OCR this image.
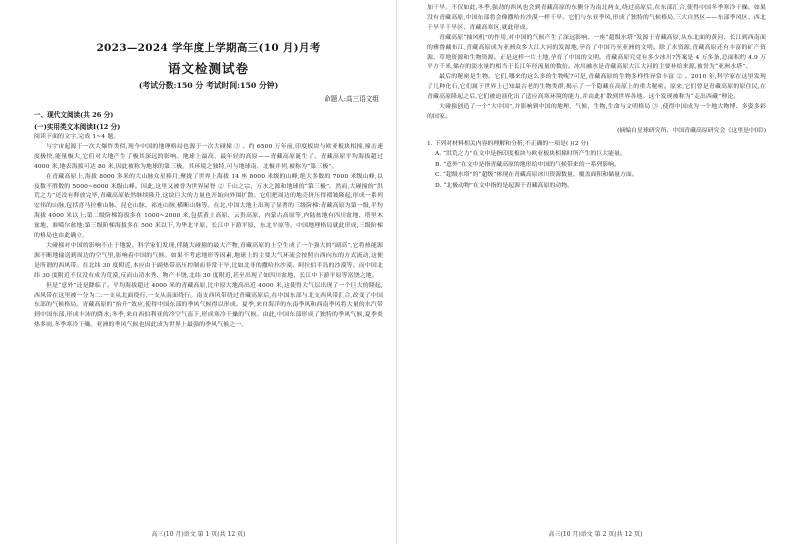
2023—2024 学年度上学期高三(10 月)月考
语文检测试卷
(考试分数:150 分 考试时间:150 分钟)
命题人:高三语文组
一、现代文阅读(共 26 分)
(一)实用类文本阅读Ⅰ(12 分)

阅读下面的文字,完成 1~4 题。

与宇宙起源于一次大爆炸类似,现今中国的地理格局也源于一次大碰撞 ① 。约 6500 万年前,印度板块与欧亚板块相撞,撞击速度极快,能量极大,它们对大地产生了极其深远的影响。地球上最高、最年轻的高原——青藏高原诞生了。青藏高原平均海拔超过 4000 米,地表海拔可达 80 米,因此被称为地球的第三极。其环境之独特,可与地球南、北极并列,被称为“第三极”。

在青藏高原上,海拔 8000 多米的大山脉众星捧月,聚拢了世界上海拔 14 座 8000 米级的山峰,绝大多数的 7000 米级山峰,以及数不胜数的 5000~6000 米级山峰。因此,这里又被誉为世界屋脊 ② 千山之宗、万水之源和地球的“第三极”。然而,大碰撞的“洪荒之力”还没有释放完毕,青藏高原依然继续隆升,这块巨大的力量也开始向外围扩散。它们把周边的地壳挤压得褶皱隆起,形成一系列宏伟的山脉,包括喜马拉雅山脉、昆仑山脉、祁连山脉,横断山脉等。在北,中国大地上出现了显著的三级阶梯:青藏高原为第一级,平均海拔 4000 米以上;第二级阶梯海拔多在 1000~2000 米,包括黄土高原、云贵高原、内蒙古高原等,内陆盆地有四川盆地、塔里木盆地、准噶尔盆地;第三级阶梯海拔多在 500 米以下,为华北平原、长江中下游平原、东北平原等。中国地理格局就此形成,三级阶梯的格局也由此确立。

大碰撞对中国的影响不止于地貌。科学家们发现,伴随大碰撞的最大产物,青藏高原的上空生成了一个强大的“副高”,它将热能源源不断地输送到周边的空气里,影响着中国的气候。如果不考虑地形等因素,地球上的主要大气环流会按照自西向东的方式流动,这便是所谓的西风带。在北纬 30 度附近,本应由于副热带高压控制而非常干旱,比如北非的撒哈拉沙漠、阿拉伯半岛的沙漠等。而中国北纬 30 度附近不仅没有成为荒漠,反而山清水秀、物产丰饶,北纬 30 度附近,甚至出现了如四川盆地、长江中下游平原等富饶之地。

但是“意外”还是降临了。平均海拔超过 4000 米的青藏高原,比中原大地高出近 4000 米,这使得大气层出现了一个巨大的隆起,西风带在这里被一分为二:一支从北面绕行,一支从南面绕行。南支西风带绕过青藏高原后,在中国东部与北支西风带汇合,改变了中国东部的气候格局。青藏高原的“抬升”效应,使得中国东部的季风气候得以形成。夏季,来自海洋的东南季风和西南季风将大量的水汽带到中国东部,形成丰沛的降水;冬季,来自西伯利亚的冷空气南下,形成寒冷干燥的气候。由此,中国东部形成了独特的季风气候,夏季炎热多雨,冬季寒冷干燥。亚洲的季风气候也因此成为世界上最强的季风气候之一。

高三(10 月)语文 第 1 页(共 12 页)

加干旱。不仅如此,冬季,强劲的西风也会到青藏高原的东侧分为南北两支,绕过高原后,在东部汇合,使得中国冬季寒冷干燥。如果没有青藏高原,中国东部将会像撒哈拉沙漠一样干旱。它们与东亚季风,形成了独特的气候格局,三大自然区——东部季风区、西北干旱半干旱区、青藏高寒区,就此形成。

青藏高原“抽风机”的作用,对中国的气候产生了深远影响。一座“超级水塔”发源于青藏高原,从东北面的黄河、长江到西南面的雅鲁藏布江,青藏高原成为亚洲众多大江大河的发源地,孕育了中国乃至亚洲的文明。除了水资源,青藏高原还有丰富的矿产资源、草地资源和生物资源。正是这样一片土地,孕育了中国的文明。青藏高原究竟有多少冰川?答案是 4 万多条,总面积约 4.9 万平方千米,储存的淡水量约相当于长江年径流量的数倍。冰川融水是青藏高原大江大河的主要补给来源,被誉为“亚洲水塔”。

最后的秘密是生物。它们,哪来的这么多的生物呢?可是,青藏高原的生物多样性异常丰富 ② 。2010 年,科学家在这里发现了几种化石,它们属于世界上已知最古老的生物类群,揭示了一个隐藏在高原上的重大秘密。原来,它们曾是青藏高原的原住民,在青藏高原隆起之后,它们被迫演化出了适应高寒环境的能力,并由此扩散到世界各地。这个发现被称为“走出西藏”理论。

大碰撞创造了一个“大中国”,并影响到中国的地理、气候、生物,生命与文明格局 ③ ,使得中国成为一个地大物博、多姿多彩的国家。

(摘编自星球研究所、中国青藏高原研究会《这里是中国》)

1. 下列对材料相关内容的理解和分析,不正确的一项是( )(2 分)

A. “洪荒之力”在文中是指印度板块与欧亚板块相撞时所产生的巨大能量。

B. “意外”在文中是指青藏高原的地形给中国的气候带来的一系列影响。

C. “超级水塔”的“超级”体现在青藏高原冰川资源数量、覆盖面积和储量方面。

D. “北极动物”在文中指的是起源于青藏高原的动物。

高三(10 月)语文 第 2 页(共 12 页)
